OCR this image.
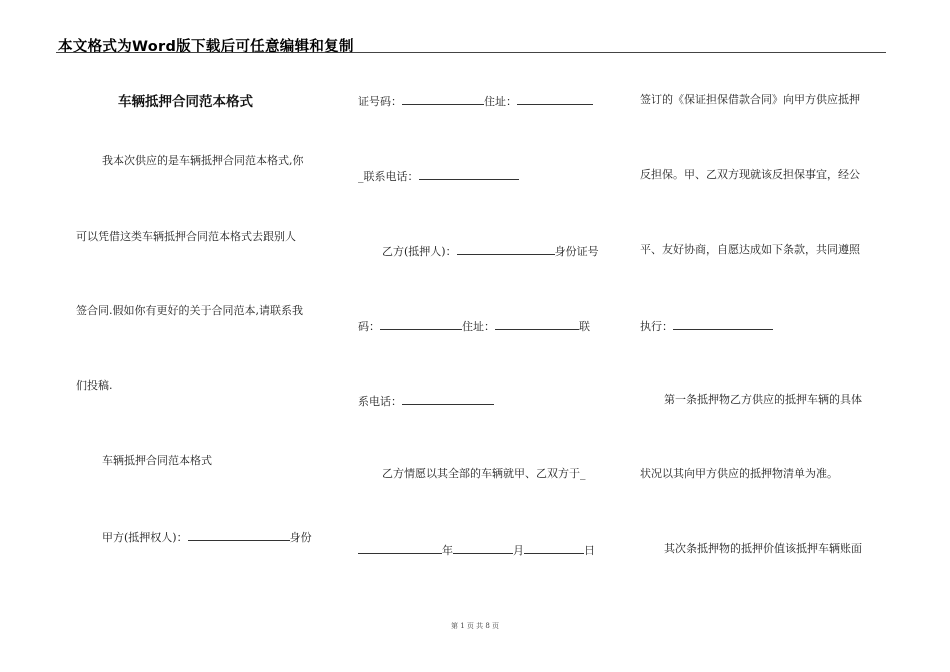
本文格式为Word版下载后可任意编辑和复制
车辆抵押合同范本格式
我本次供应的是车辆抵押合同范本格式,你
可以凭借这类车辆抵押合同范本格式去跟别人
签合同.假如你有更好的关于合同范本,请联系我
们投稿.
车辆抵押合同范本格式
甲方(抵押权人)：	身份
证号码：	住址：
_联系电话：
乙方(抵押人)：	身份证号
码：	住址：	联
系电话：
乙方情愿以其全部的车辆就甲、乙双方于_
年	月	日
签订的《保证担保借款合同》向甲方供应抵押
反担保。甲、乙双方现就该反担保事宜，经公
平、友好协商，自愿达成如下条款，共同遵照
执行：
第一条抵押物乙方供应的抵押车辆的具体
状况以其向甲方供应的抵押物清单为准。
其次条抵押物的抵押价值该抵押车辆账面
第 1 页 共 8 页
